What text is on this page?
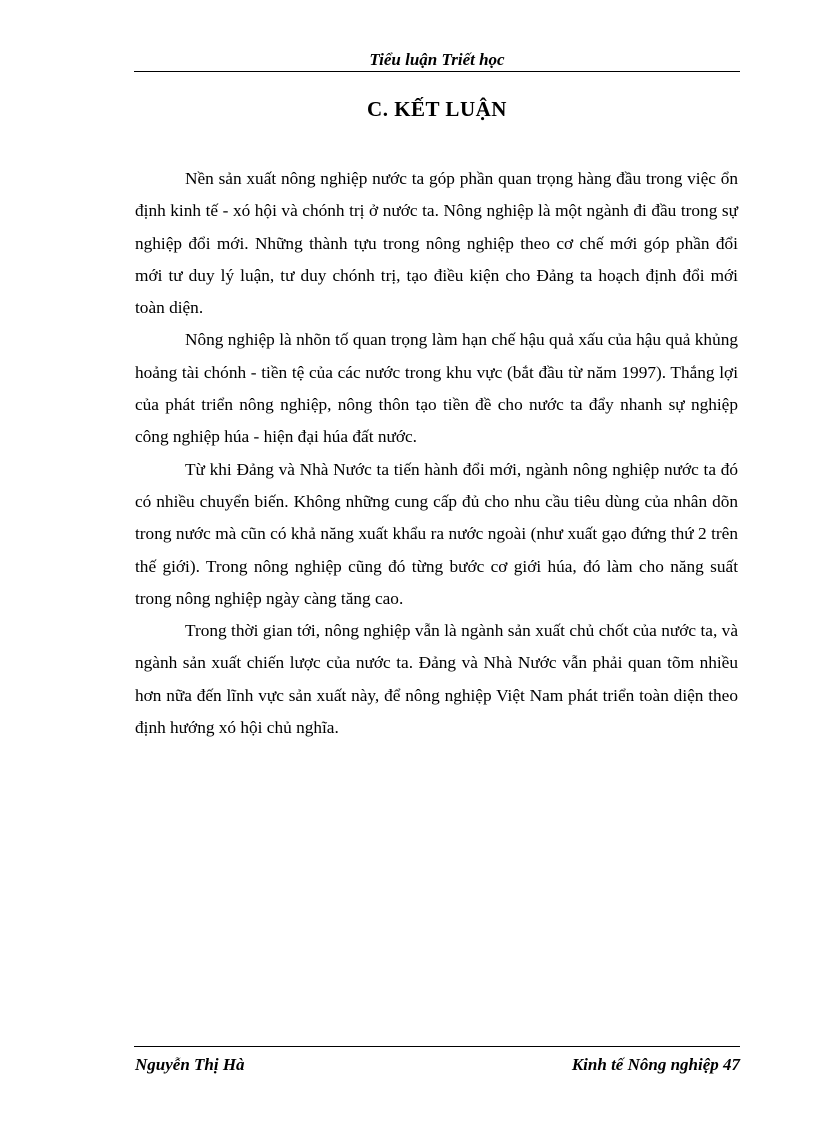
Tiểu luận Triết học
C. KẾT LUẬN

Nền sản xuất nông nghiệp nước ta góp phần quan trọng hàng đầu trong việc ổn định kinh tế - xó hội và chónh trị ở nước ta. Nông nghiệp là một ngành đi đầu trong sự nghiệp đổi mới. Những thành tựu trong nông nghiệp theo cơ chế mới góp phần đổi mới tư duy lý luận, tư duy chónh trị, tạo điều kiện cho Đảng ta hoạch định đổi mới toàn diện.

Nông nghiệp là nhõn tố quan trọng làm hạn chế hậu quả xấu của hậu quả khủng hoảng tài chónh - tiền tệ của các nước trong khu vực (bắt đầu từ năm 1997). Thắng lợi của phát triển nông nghiệp, nông thôn tạo tiền đề cho nước ta đẩy nhanh sự nghiệp công nghiệp húa - hiện đại húa đất nước.

Từ khi Đảng và Nhà Nước ta tiến hành đổi mới, ngành nông nghiệp nước ta đó có nhiều chuyển biến. Không những cung cấp đủ cho nhu cầu tiêu dùng của nhân dõn trong nước mà cũn có khả năng xuất khẩu ra nước ngoài (như xuất gạo đứng thứ 2 trên thế giới). Trong nông nghiệp cũng đó từng bước cơ giới húa, đó làm cho năng suất trong nông nghiệp ngày càng tăng cao.

Trong thời gian tới, nông nghiệp vẫn là ngành sản xuất chủ chốt của nước ta, và ngành sản xuất chiến lược của nước ta. Đảng và Nhà Nước vẫn phải quan tõm nhiều hơn nữa đến lĩnh vực sản xuất này, để nông nghiệp Việt Nam phát triển toàn diện theo định hướng xó hội chủ nghĩa.

Nguyễn Thị Hà	Kinh tế Nông nghiệp 47
